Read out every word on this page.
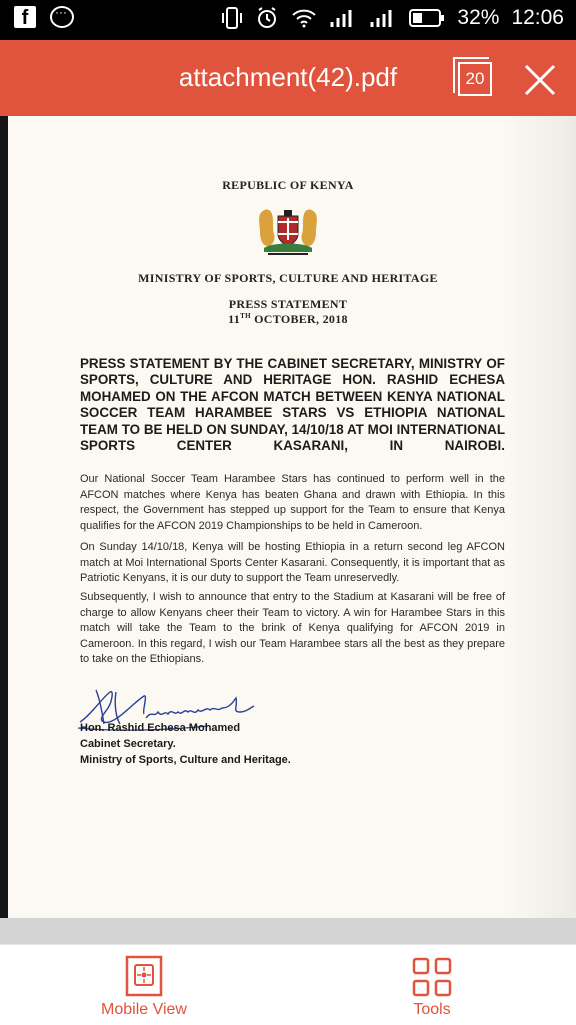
f
···	32% 12:06
attachment(42).pdf	20
REPUBLIC OF KENYA
MINISTRY OF SPORTS, CULTURE AND HERITAGE
PRESS STATEMENT
11TH OCTOBER, 2018

PRESS STATEMENT BY THE CABINET SECRETARY, MINISTRY OF SPORTS, CULTURE AND HERITAGE HON. RASHID ECHESA MOHAMED ON THE AFCON MATCH BETWEEN KENYA NATIONAL SOCCER TEAM HARAMBEE STARS VS ETHIOPIA NATIONAL TEAM TO BE HELD ON SUNDAY, 14/10/18 AT MOI INTERNATIONAL SPORTS CENTER KASARANI, IN NAIROBI.

Our National Soccer Team Harambee Stars has continued to perform well in the AFCON matches where Kenya has beaten Ghana and drawn with Ethiopia. In this respect, the Government has stepped up support for the Team to ensure that Kenya qualifies for the AFCON 2019 Championships to be held in Cameroon.

On Sunday 14/10/18, Kenya will be hosting Ethiopia in a return second leg AFCON match at Moi International Sports Center Kasarani. Consequently, it is important that as Patriotic Kenyans, it is our duty to support the Team unreservedly.

Subsequently, I wish to announce that entry to the Stadium at Kasarani will be free of charge to allow Kenyans cheer their Team to victory. A win for Harambee Stars in this match will take the Team to the brink of Kenya qualifying for AFCON 2019 in Cameroon. In this regard, I wish our Team Harambee stars all the best as they prepare to take on the Ethiopians.

Hon. Rashid Echesa Mohamed
Cabinet Secretary.
Ministry of Sports, Culture and Heritage.
Mobile View	Tools
